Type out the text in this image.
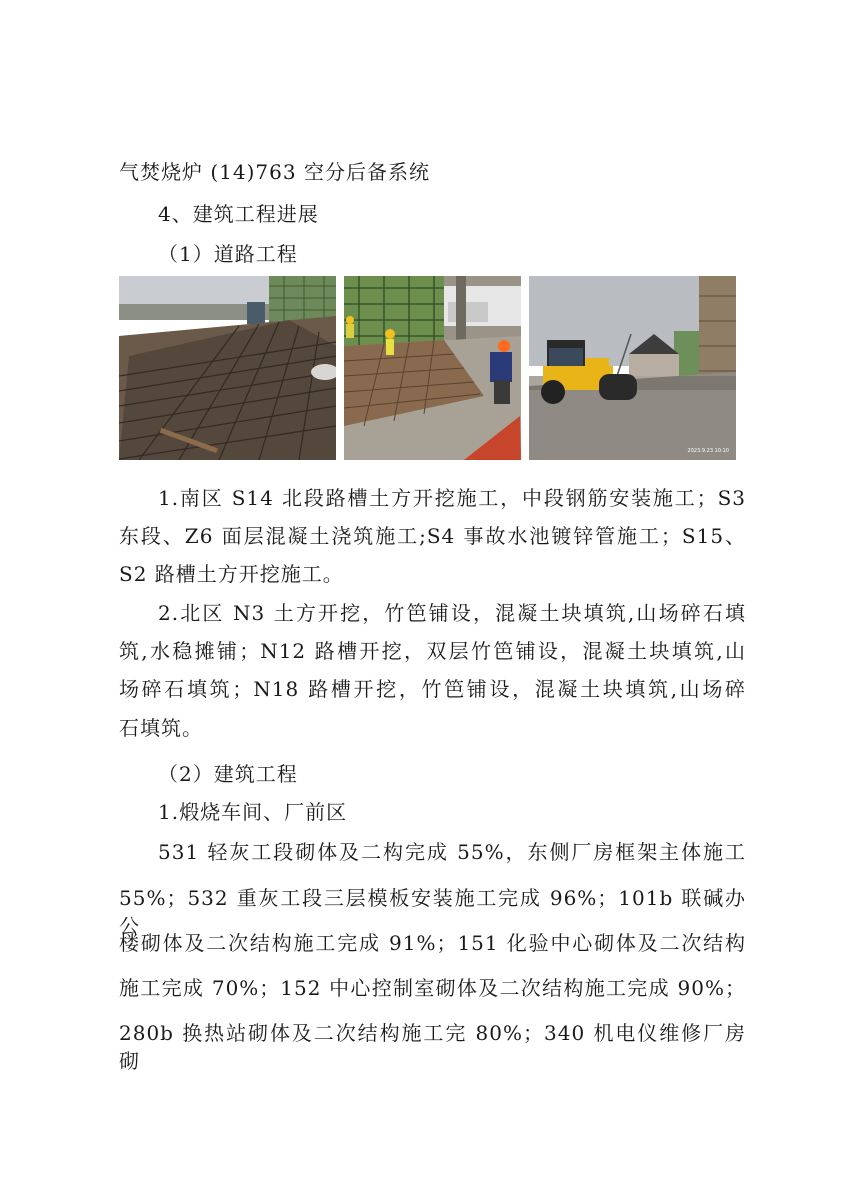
气焚烧炉 (14)763 空分后备系统
4、建筑工程进展
（1）道路工程
2023.9.23 10:10
1.南区 S14 北段路槽土方开挖施工，中段钢筋安装施工；S3
东段、Z6 面层混凝土浇筑施工;S4 事故水池镀锌管施工；S15、
S2 路槽土方开挖施工。
2.北区 N3 土方开挖，竹笆铺设，混凝土块填筑,山场碎石填
筑,水稳摊铺；N12 路槽开挖，双层竹笆铺设，混凝土块填筑,山
场碎石填筑；N18 路槽开挖，竹笆铺设，混凝土块填筑,山场碎
石填筑。
（2）建筑工程
1.煅烧车间、厂前区
531 轻灰工段砌体及二构完成 55%，东侧厂房框架主体施工
55%；532 重灰工段三层模板安装施工完成 96%；101b 联碱办公
楼砌体及二次结构施工完成 91%；151 化验中心砌体及二次结构
施工完成 70%；152 中心控制室砌体及二次结构施工完成 90%；
280b 换热站砌体及二次结构施工完 80%；340 机电仪维修厂房砌
